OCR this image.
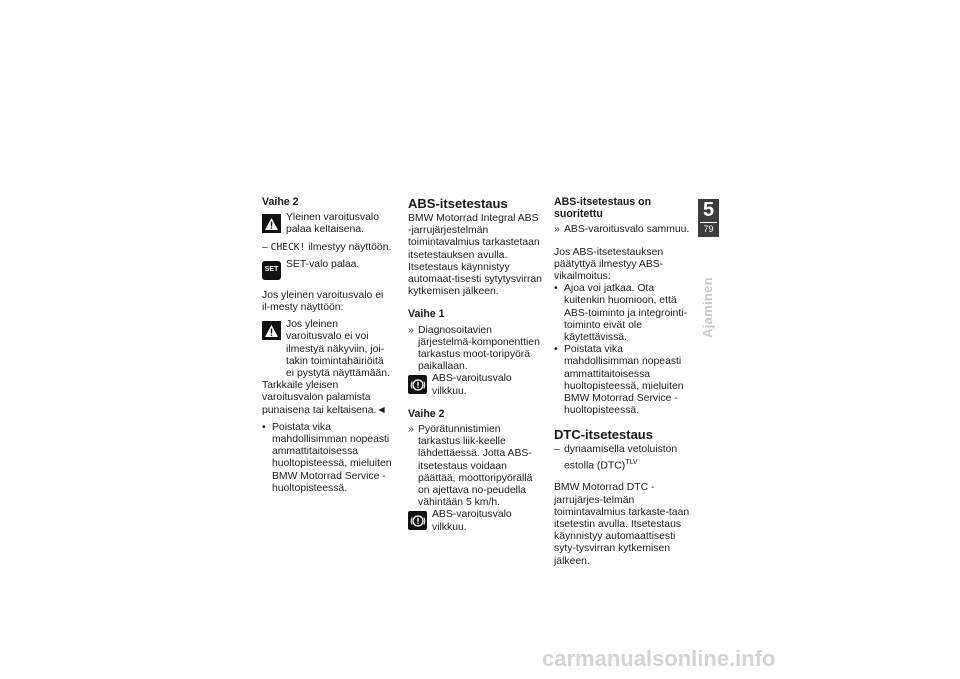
Vaihe 2

Yleinen varoitusvalo palaa keltaisena.

– CHECK! ilmestyy näyttöön.

SET SET-valo palaa.

Jos yleinen varoitusvalo ei il-mesty näyttöön:

Jos yleinen varoitusvalo ei voi ilmestyä näkyviin, joi-takin toimintahäiriöitä ei pystytä näyttämään.

Tarkkaile yleisen varoitusvalon palamista punaisena tai keltaisena.◄

• Poistata vika mahdollisimman nopeasti ammattitaitoisessa huoltopisteessä, mieluiten BMW Motorrad Service -huoltopisteessä.

ABS-itsetestaus

BMW Motorrad Integral ABS -jarrujärjestelmän toimintavalmius tarkastetaan itsetestauksen avulla. Itsetestaus käynnistyy automaat-tisesti sytytysvirran kytkemisen jälkeen.

Vaihe 1

» Diagnosoitavien järjestelmä-komponenttien tarkastus moot-toripyörä paikallaan.

ABS-varoitusvalo vilkkuu.

Vaihe 2

» Pyörätunnistimien tarkastus liik-keelle lähdettäessä. Jotta ABS-itsetestaus voidaan päättää, moottoripyörällä on ajettava no-peudella vähintään 5 km/h.

ABS-varoitusvalo vilkkuu.

ABS-itsetestaus on suoritettu

» ABS-varoitusvalo sammuu.

Jos ABS-itsetestauksen päätyttyä ilmestyy ABS-vikailmoitus:

• Ajoa voi jatkaa. Ota kuitenkin huomioon, että ABS-toiminto ja integrointi-toiminto eivät ole käytettävissä.

• Poistata vika mahdollisimman nopeasti ammattitaitoisessa huoltopisteessä, mieluiten BMW Motorrad Service -huoltopisteessä.

DTC-itsetestaus

– dynaamisella vetoluiston estolla (DTC)$^{TLV}$

BMW Motorrad DTC -jarrujärjes-telmän toimintavalmius tarkaste-taan itsetestin avulla. Itsetestaus käynnistyy automaattisesti syty-tysvirran kytkemisen jälkeen.

5
79
Ajaminen
carmanualsonline.info
